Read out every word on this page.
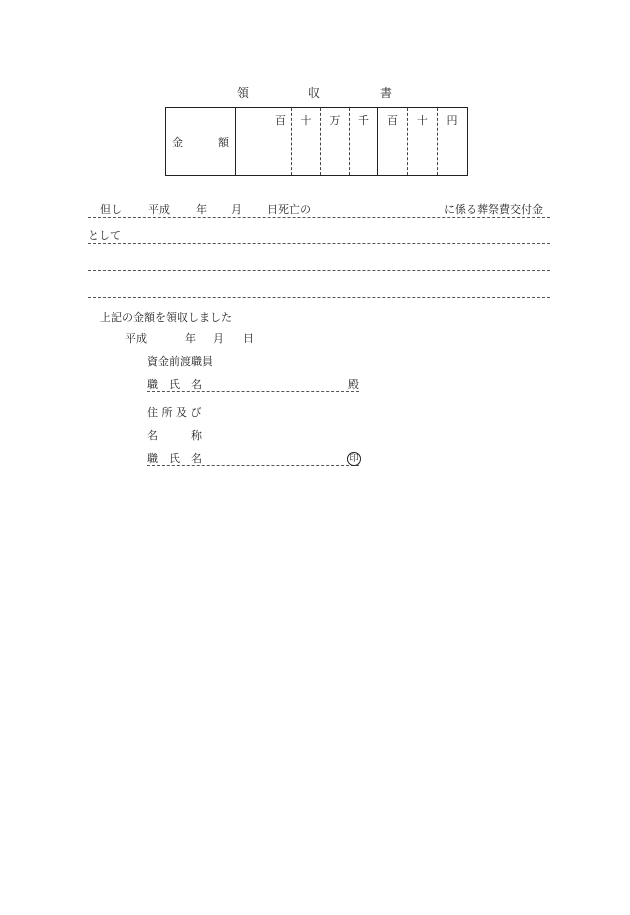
領	収	書
金	額
百	十	万	千	百	十	円
但し 平成 年 月 日死亡の	に係る葬祭費交付金
として
上記の金額を領収しました
平成	年 月 日
資金前渡職員
職　氏　名	殿
住 所 及 び
名　　　称
職　氏　名	印
